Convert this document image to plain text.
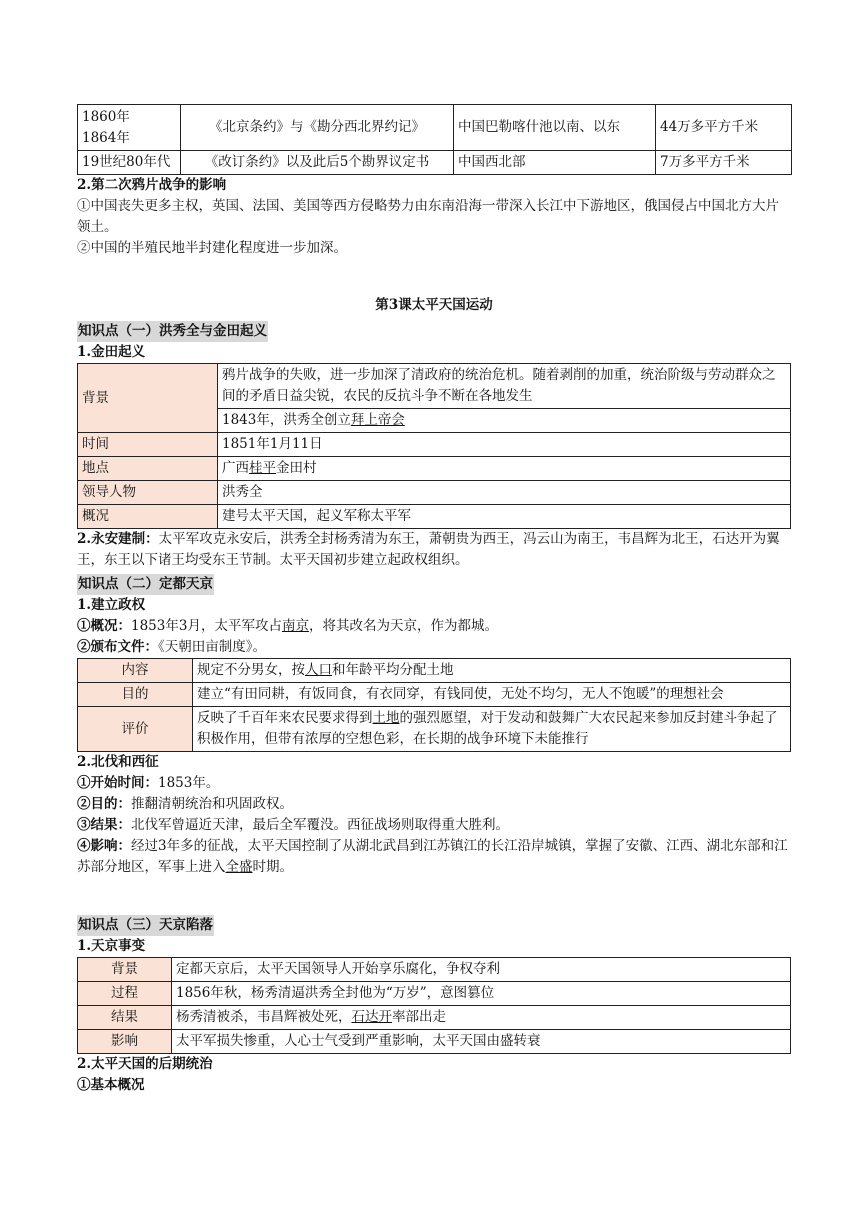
1860年
1864年	《北京条约》与《勘分西北界约记》	中国巴勒喀什池以南、以东	44万多平方千米
19世纪80年代	《改订条约》以及此后5个勘界议定书	中国西北部	7万多平方千米
2.第二次鸦片战争的影响
①中国丧失更多主权，英国、法国、美国等西方侵略势力由东南沿海一带深入长江中下游地区，俄国侵占中国北方大片领土。
②中国的半殖民地半封建化程度进一步加深。
第3课太平天国运动
知识点（一）洪秀全与金田起义
1.金田起义
背景	鸦片战争的失败，进一步加深了清政府的统治危机。随着剥削的加重，统治阶级与劳动群众之间的矛盾日益尖锐，农民的反抗斗争不断在各地发生
	1843年，洪秀全创立拜上帝会
时间	1851年1月11日
地点	广西桂平金田村
领导人物	洪秀全
概况	建号太平天国，起义军称太平军
2.永安建制：太平军攻克永安后，洪秀全封杨秀清为东王，萧朝贵为西王，冯云山为南王，韦昌辉为北王，石达开为翼王，东王以下诸王均受东王节制。太平天国初步建立起政权组织。
知识点（二）定都天京
1.建立政权
①概况：1853年3月，太平军攻占南京，将其改名为天京，作为都城。
②颁布文件：《天朝田亩制度》。
内容	规定不分男女，按人口和年龄平均分配土地
目的	建立“有田同耕，有饭同食，有衣同穿，有钱同使，无处不均匀，无人不饱暖”的理想社会
评价	反映了千百年来农民要求得到土地的强烈愿望，对于发动和鼓舞广大农民起来参加反封建斗争起了积极作用，但带有浓厚的空想色彩，在长期的战争环境下未能推行
2.北伐和西征
①开始时间：1853年。
②目的：推翻清朝统治和巩固政权。
③结果：北伐军曾逼近天津，最后全军覆没。西征战场则取得重大胜利。
④影响：经过3年多的征战，太平天国控制了从湖北武昌到江苏镇江的长江沿岸城镇，掌握了安徽、江西、湖北东部和江苏部分地区，军事上进入全盛时期。
知识点（三）天京陷落
1.天京事变
背景	定都天京后，太平天国领导人开始享乐腐化，争权夺利
过程	1856年秋，杨秀清逼洪秀全封他为“万岁”，意图篡位
结果	杨秀清被杀，韦昌辉被处死，石达开率部出走
影响	太平军损失惨重，人心士气受到严重影响，太平天国由盛转衰
2.太平天国的后期统治
①基本概况
